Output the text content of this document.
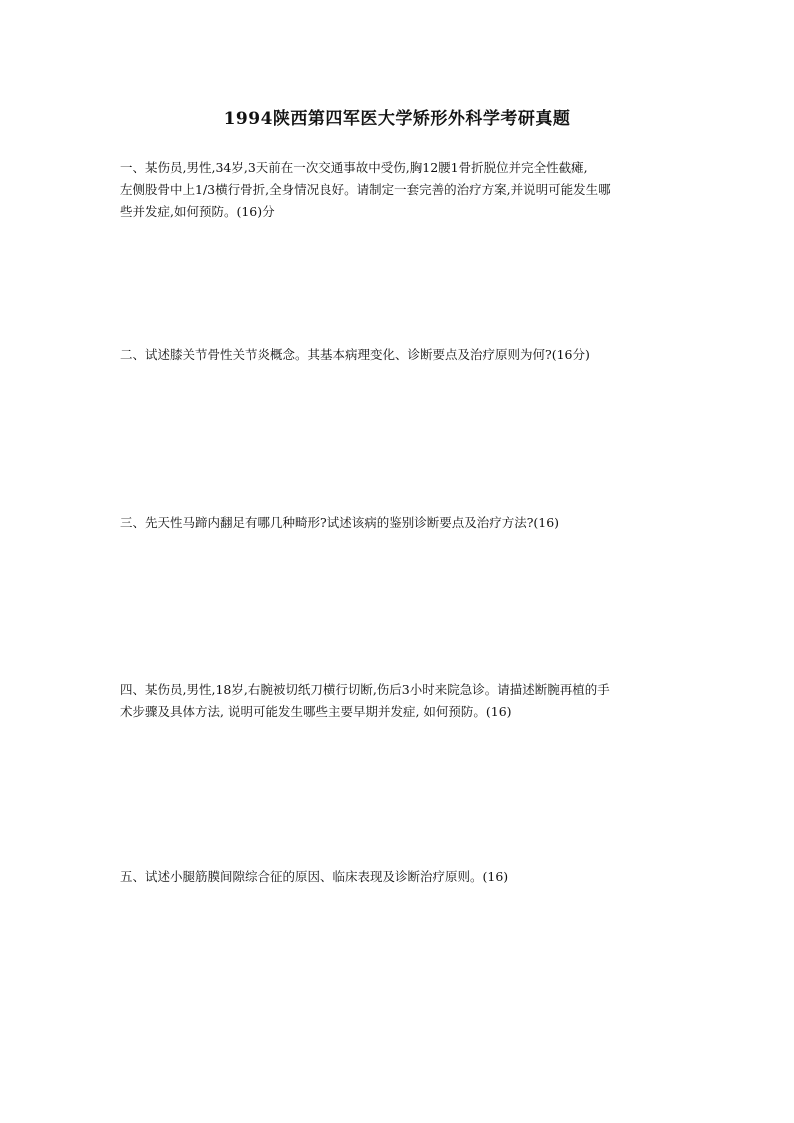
1994陕西第四军医大学矫形外科学考研真题

一、某伤员,男性,34岁,3天前在一次交通事故中受伤,胸12腰1骨折脱位并完全性截瘫,
左侧股骨中上1/3横行骨折,全身情况良好。请制定一套完善的治疗方案,并说明可能发生哪
些并发症,如何预防。(16)分

二、试述膝关节骨性关节炎概念。其基本病理变化、诊断要点及治疗原则为何?(16分)

三、先天性马蹄内翻足有哪几种畸形?试述该病的鉴别诊断要点及治疗方法?(16)

四、某伤员,男性,18岁,右腕被切纸刀横行切断,伤后3小时来院急诊。请描述断腕再植的手
术步骤及具体方法, 说明可能发生哪些主要早期并发症, 如何预防。(16)

五、试述小腿筋膜间隙综合征的原因、临床表现及诊断治疗原则。(16)
